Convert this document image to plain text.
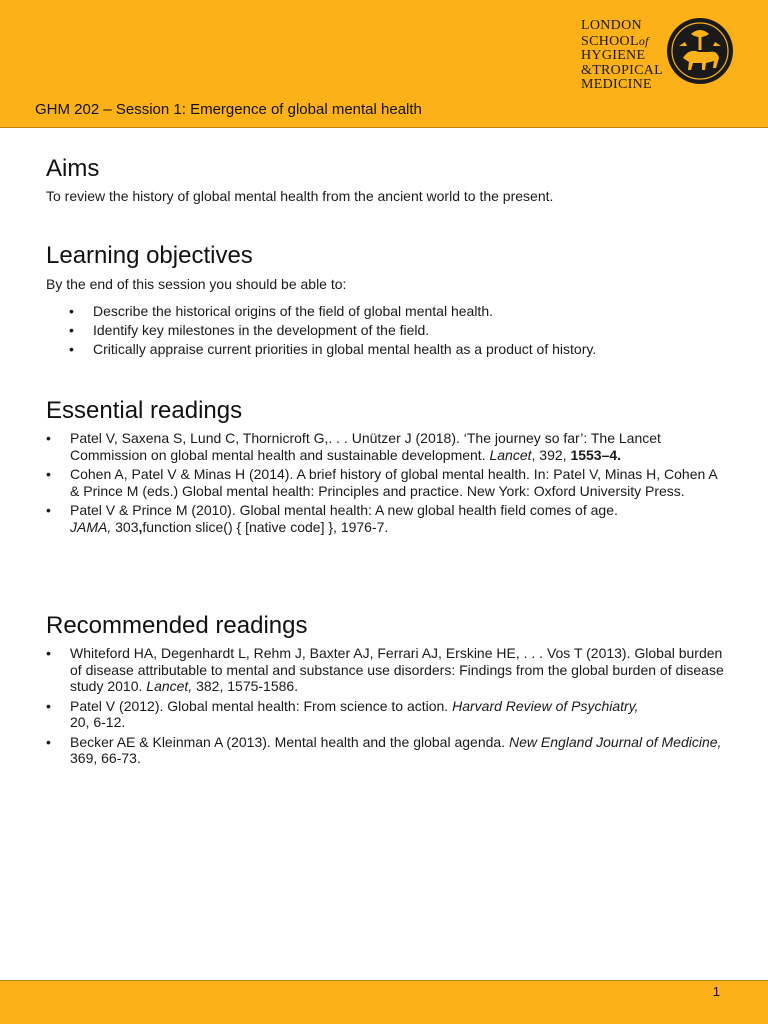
LONDON
SCHOOLof
HYGIENE
&TROPICAL
MEDICINE
GHM 202 – Session 1: Emergence of global mental health
Aims

To review the history of global mental health from the ancient world to the present.

Learning objectives

By the end of this session you should be able to:

• Describe the historical origins of the field of global mental health.
• Identify key milestones in the development of the field.
• Critically appraise current priorities in global mental health as a product of history.
Essential readings
• Patel V, Saxena S, Lund C, Thornicroft G,. . . Unützer J (2018). ‘The journey so far’: The Lancet Commission on global mental health and sustainable development. Lancet, 392, 1553–4.
• Cohen A, Patel V & Minas H (2014). A brief history of global mental health. In: Patel V, Minas H, Cohen A & Prince M (eds.) Global mental health: Principles and practice. New York: Oxford University Press.
• Patel V & Prince M (2010). Global mental health: A new global health field comes of age.
JAMA, 303,function slice() { [native code] }, 1976-7.
Recommended readings
• Whiteford HA, Degenhardt L, Rehm J, Baxter AJ, Ferrari AJ, Erskine HE, . . . Vos T (2013). Global burden of disease attributable to mental and substance use disorders: Findings from the global burden of disease study 2010. Lancet, 382, 1575-1586.
• Patel V (2012). Global mental health: From science to action. Harvard Review of Psychiatry,
20, 6-12.
• Becker AE & Kleinman A (2013). Mental health and the global agenda. New England Journal of Medicine, 369, 66-73.
1
